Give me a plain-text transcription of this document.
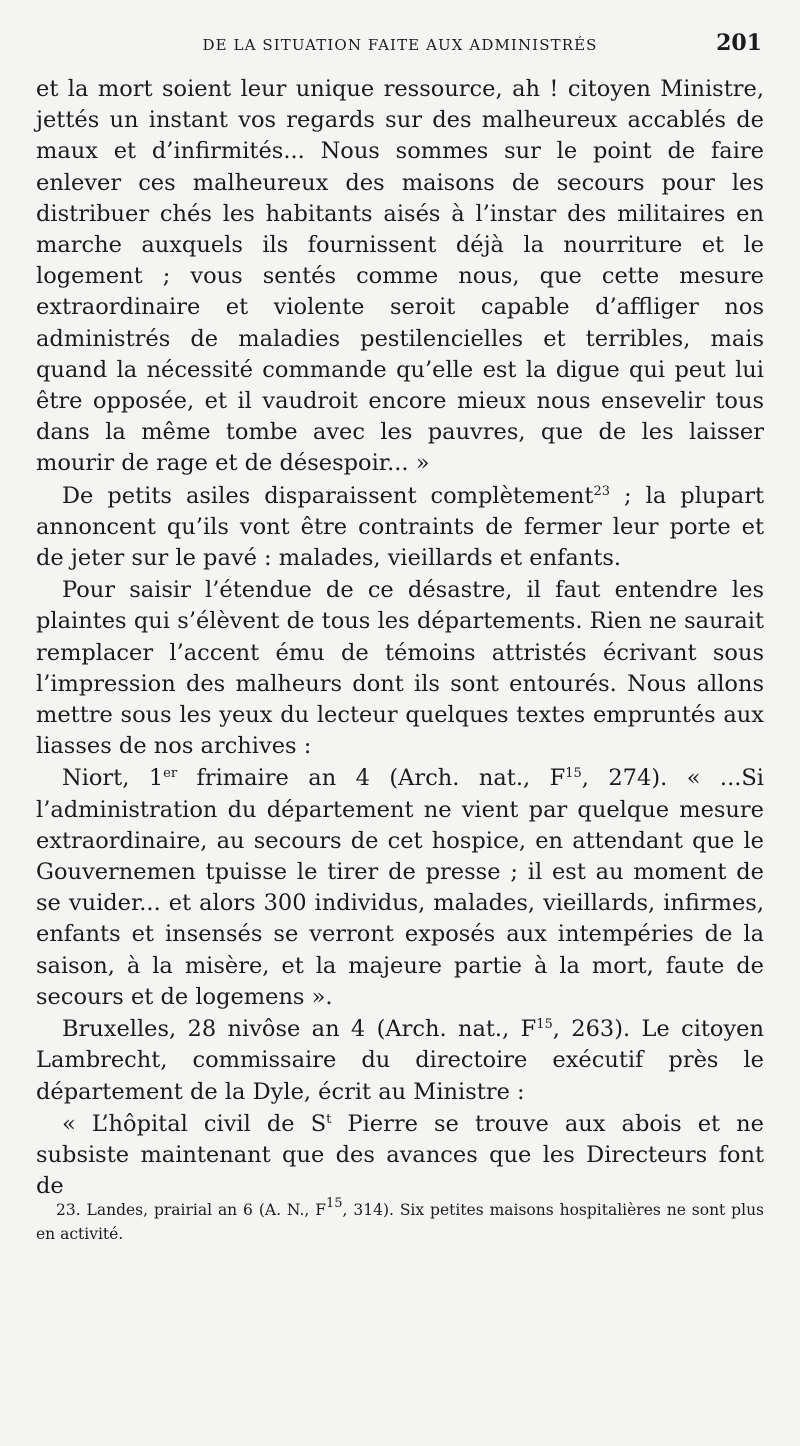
DE LA SITUATION FAITE AUX ADMINISTRÉS	201

et la mort soient leur unique ressource, ah ! citoyen Ministre, jettés un instant vos regards sur des malheureux accablés de maux et d’infirmités... Nous sommes sur le point de faire enlever ces malheureux des maisons de secours pour les distribuer chés les habitants aisés à l’instar des militaires en marche auxquels ils fournissent déjà la nourriture et le logement ; vous sentés comme nous, que cette mesure extraordinaire et violente seroit capable d’affliger nos administrés de maladies pestilencielles et terribles, mais quand la nécessité commande qu’elle est la digue qui peut lui être opposée, et il vaudroit encore mieux nous ensevelir tous dans la même tombe avec les pauvres, que de les laisser mourir de rage et de désespoir... »

De petits asiles disparaissent complètement$^{23}$ ; la plupart annoncent qu’ils vont être contraints de fermer leur porte et de jeter sur le pavé : malades, vieillards et enfants.

Pour saisir l’étendue de ce désastre, il faut entendre les plaintes qui s’élèvent de tous les départements. Rien ne saurait remplacer l’accent ému de témoins attristés écrivant sous l’impression des malheurs dont ils sont entourés. Nous allons mettre sous les yeux du lecteur quelques textes empruntés aux liasses de nos archives :

Niort, 1er frimaire an 4 (Arch. nat., $F^{15}$, 274). « ...Si l’administration du département ne vient par quelque mesure extraordinaire, au secours de cet hospice, en attendant que le Gouvernemen tpuisse le tirer de presse ; il est au moment de se vuider... et alors 300 individus, malades, vieillards, infirmes, enfants et insensés se verront exposés aux intempéries de la saison, à la misère, et la majeure partie à la mort, faute de secours et de logemens ».

Bruxelles, 28 nivôse an 4 (Arch. nat., $F^{15}$, 263). Le citoyen Lambrecht, commissaire du directoire exécutif près le département de la Dyle, écrit au Ministre :

« L’hôpital civil de $S^t$ Pierre se trouve aux abois et ne subsiste maintenant que des avances que les Directeurs font de

23. Landes, prairial an 6 (A. N., $F^{15}$, 314). Six petites maisons hospitalières ne sont plus en activité.
